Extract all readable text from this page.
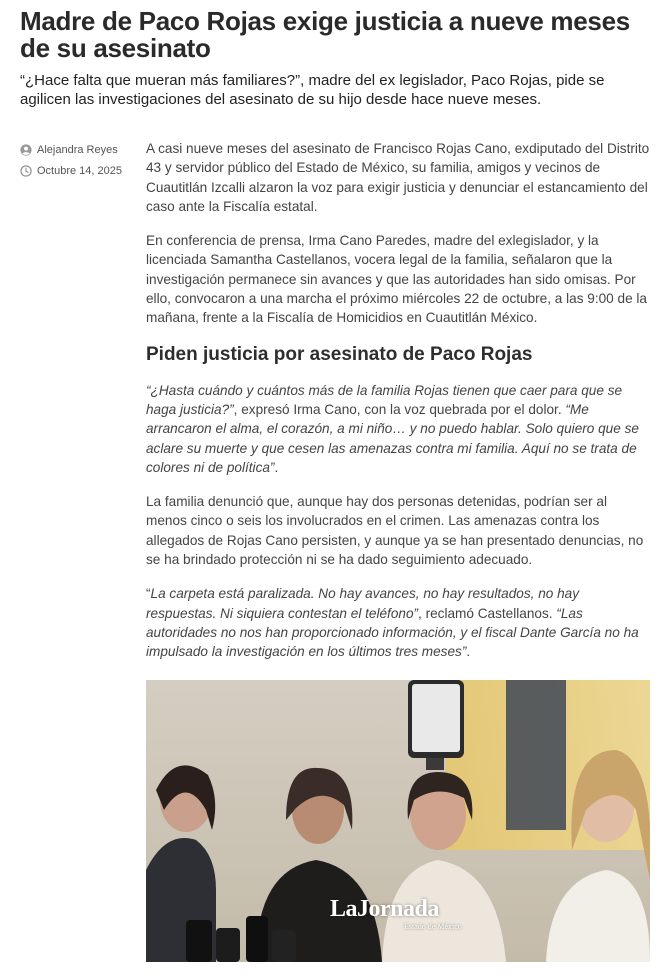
Madre de Paco Rojas exige justicia a nueve meses de su asesinato

“¿Hace falta que mueran más familiares?”, madre del ex legislador, Paco Rojas, pide se agilicen las investigaciones del asesinato de su hijo desde hace nueve meses.

Alejandra Reyes
Octubre 14, 2025

A casi nueve meses del asesinato de Francisco Rojas Cano, exdiputado del Distrito 43 y servidor público del Estado de México, su familia, amigos y vecinos de Cuautitlán Izcalli alzaron la voz para exigir justicia y denunciar el estancamiento del caso ante la Fiscalía estatal.

En conferencia de prensa, Irma Cano Paredes, madre del exlegislador, y la licenciada Samantha Castellanos, vocera legal de la familia, señalaron que la investigación permanece sin avances y que las autoridades han sido omisas. Por ello, convocaron a una marcha el próximo miércoles 22 de octubre, a las 9:00 de la mañana, frente a la Fiscalía de Homicidios en Cuautitlán México.

Piden justicia por asesinato de Paco Rojas

“¿Hasta cuándo y cuántos más de la familia Rojas tienen que caer para que se haga justicia?”, expresó Irma Cano, con la voz quebrada por el dolor. “Me arrancaron el alma, el corazón, a mi niño… y no puedo hablar. Solo quiero que se aclare su muerte y que cesen las amenazas contra mi familia. Aquí no se trata de colores ni de política”.

La familia denunció que, aunque hay dos personas detenidas, podrían ser al menos cinco o seis los involucrados en el crimen. Las amenazas contra los allegados de Rojas Cano persisten, y aunque ya se han presentado denuncias, no se ha brindado protección ni se ha dado seguimiento adecuado.

“La carpeta está paralizada. No hay avances, no hay resultados, no hay respuestas. Ni siquiera contestan el teléfono”, reclamó Castellanos. “Las autoridades no nos han proporcionado información, y el fiscal Dante García no ha impulsado la investigación en los últimos tres meses”.

LaJornada
Estado de México
